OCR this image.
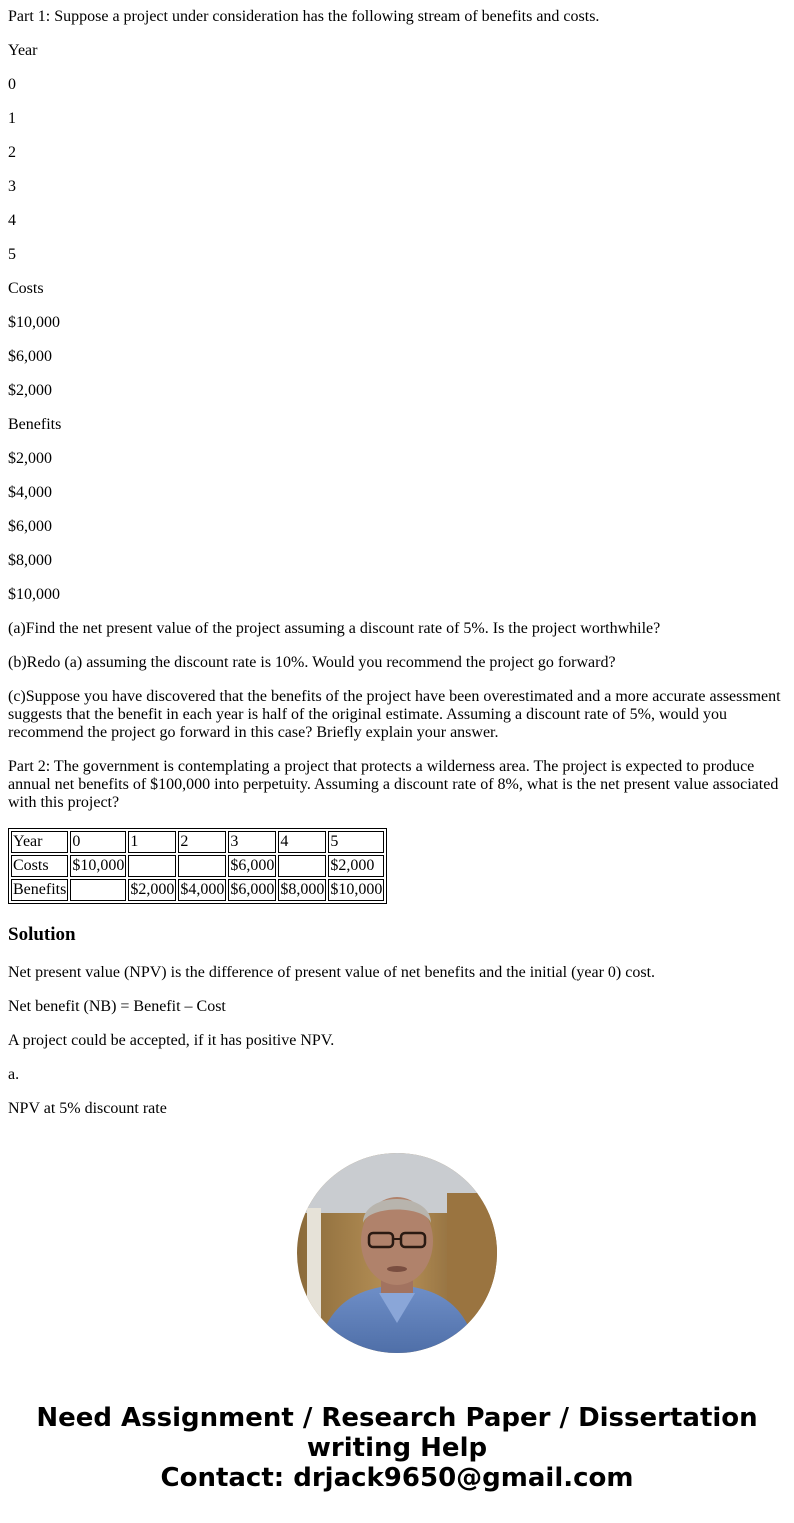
Part 1: Suppose a project under consideration has the following stream of benefits and costs.

Year

0

1

2

3

4

5

Costs

$10,000

$6,000

$2,000

Benefits

$2,000

$4,000

$6,000

$8,000

$10,000

(a)Find the net present value of the project assuming a discount rate of 5%. Is the project worthwhile?

(b)Redo (a) assuming the discount rate is 10%. Would you recommend the project go forward?

(c)Suppose you have discovered that the benefits of the project have been overestimated and a more accurate assessment suggests that the benefit in each year is half of the original estimate. Assuming a discount rate of 5%, would you recommend the project go forward in this case? Briefly explain your answer.

Part 2: The government is contemplating a project that protects a wilderness area. The project is expected to produce annual net benefits of $100,000 into perpetuity. Assuming a discount rate of 8%, what is the net present value associated with this project?

Year	0	1	2	3	4	5
Costs	$10,000			$6,000		$2,000
Benefits		$2,000	$4,000	$6,000	$8,000	$10,000
Solution

Net present value (NPV) is the difference of present value of net benefits and the initial (year 0) cost.

Net benefit (NB) = Benefit – Cost

A project could be accepted, if it has positive NPV.

a.

NPV at 5% discount rate

Need Assignment / Research Paper / Dissertation
writing Help
Contact: drjack9650@gmail.com
